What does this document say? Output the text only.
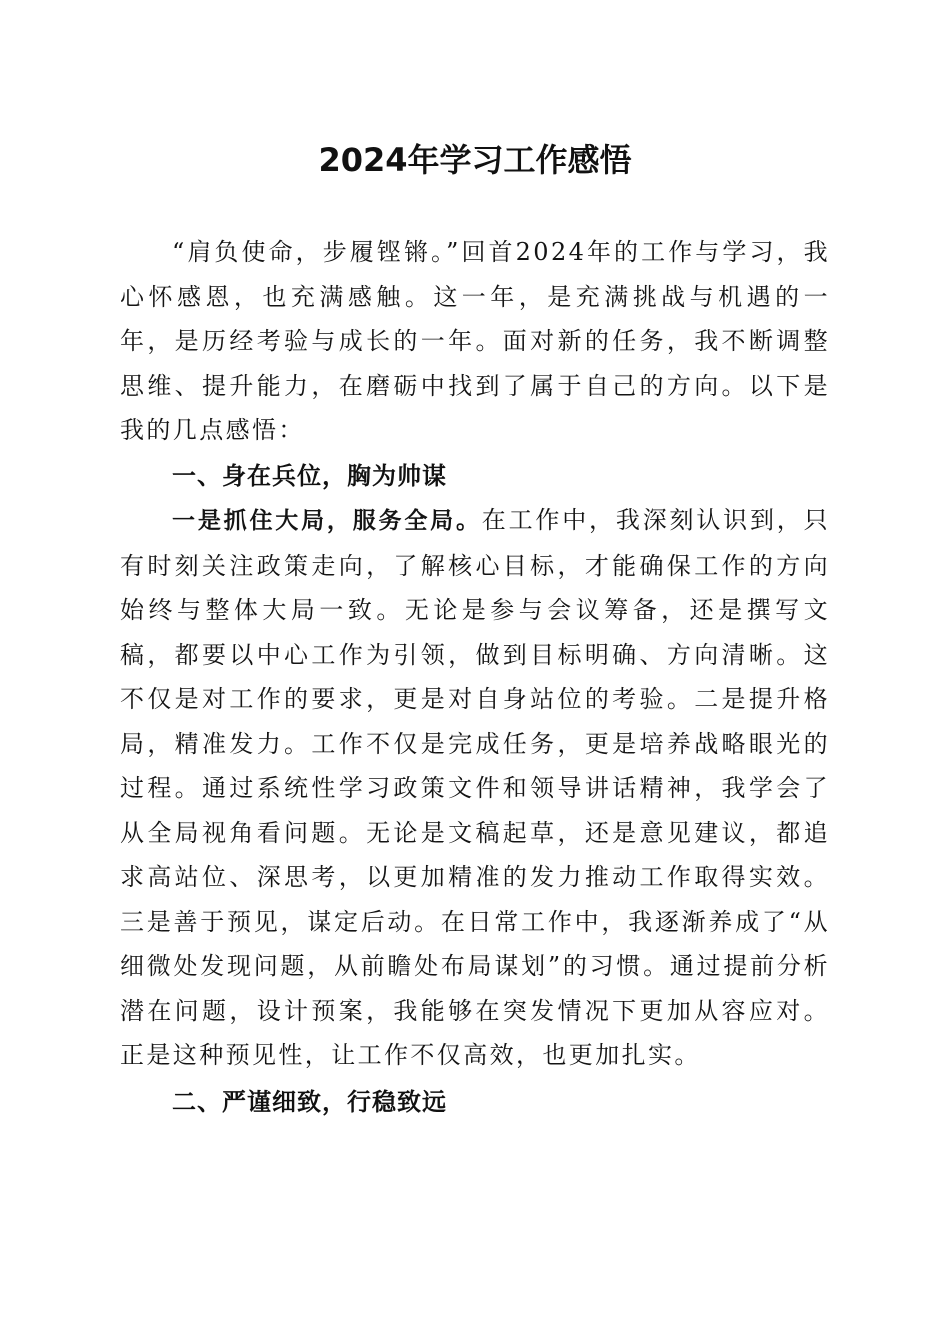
2024年学习工作感悟

“肩负使命，步履铿锵。”回首2024年的工作与学习，我心怀感恩，也充满感触。这一年，是充满挑战与机遇的一年，是历经考验与成长的一年。面对新的任务，我不断调整思维、提升能力，在磨砺中找到了属于自己的方向。以下是我的几点感悟：

一、身在兵位，胸为帅谋

一是抓住大局，服务全局。在工作中，我深刻认识到，只有时刻关注政策走向，了解核心目标，才能确保工作的方向始终与整体大局一致。无论是参与会议筹备，还是撰写文稿，都要以中心工作为引领，做到目标明确、方向清晰。这不仅是对工作的要求，更是对自身站位的考验。二是提升格局，精准发力。工作不仅是完成任务，更是培养战略眼光的过程。通过系统性学习政策文件和领导讲话精神，我学会了从全局视角看问题。无论是文稿起草，还是意见建议，都追求高站位、深思考，以更加精准的发力推动工作取得实效。三是善于预见，谋定后动。在日常工作中，我逐渐养成了“从细微处发现问题，从前瞻处布局谋划”的习惯。通过提前分析潜在问题，设计预案，我能够在突发情况下更加从容应对。正是这种预见性，让工作不仅高效，也更加扎实。

二、严谨细致，行稳致远
